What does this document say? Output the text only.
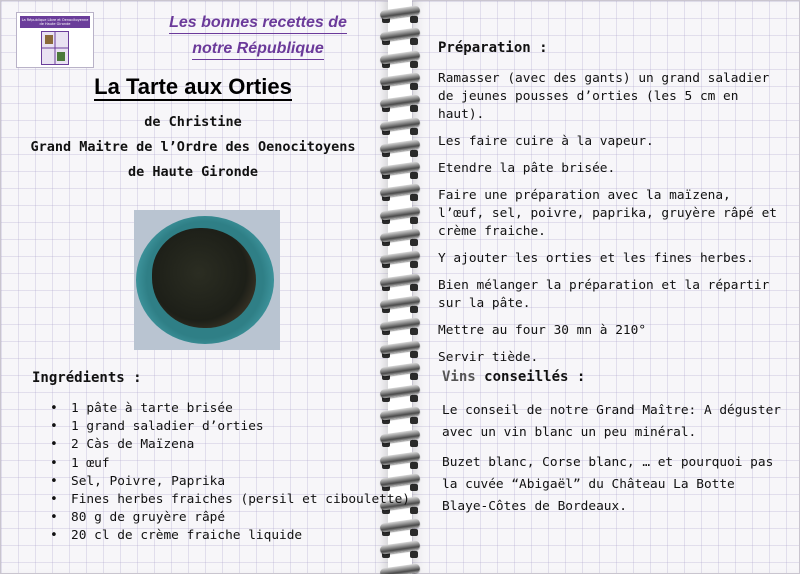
La République Libre et Oenocitoyenne de Haute Gironde	Les bonnes recettes de
notre République
La Tarte aux Orties
de Christine
Grand Maitre de l’Ordre des Oenocitoyens
de Haute Gironde
Ingrédients :
• 1 pâte à tarte brisée
• 1 grand saladier d’orties
• 2 Càs de Maïzena
• 1 œuf
• Sel, Poivre, Paprika
• Fines herbes fraiches (persil et ciboulette)
• 80 g de gruyère râpé
• 20 cl de crème fraiche liquide
Préparation :

Ramasser (avec des gants) un grand saladier de jeunes pousses d’orties (les 5 cm en haut).

Les faire cuire à la vapeur.

Etendre la pâte brisée.

Faire une préparation avec la maïzena, l’œuf, sel, poivre, paprika, gruyère râpé et crème fraiche.

Y ajouter les orties et les fines herbes.

Bien mélanger la préparation et la répartir sur la pâte.

Mettre au four 30 mn à 210°

Servir tiède.

Vins conseillés :

Le conseil de notre Grand Maître: A déguster avec un vin blanc un peu minéral.

Buzet blanc, Corse blanc, … et pourquoi pas la cuvée “Abigaël” du Château La Botte Blaye-Côtes de Bordeaux.
